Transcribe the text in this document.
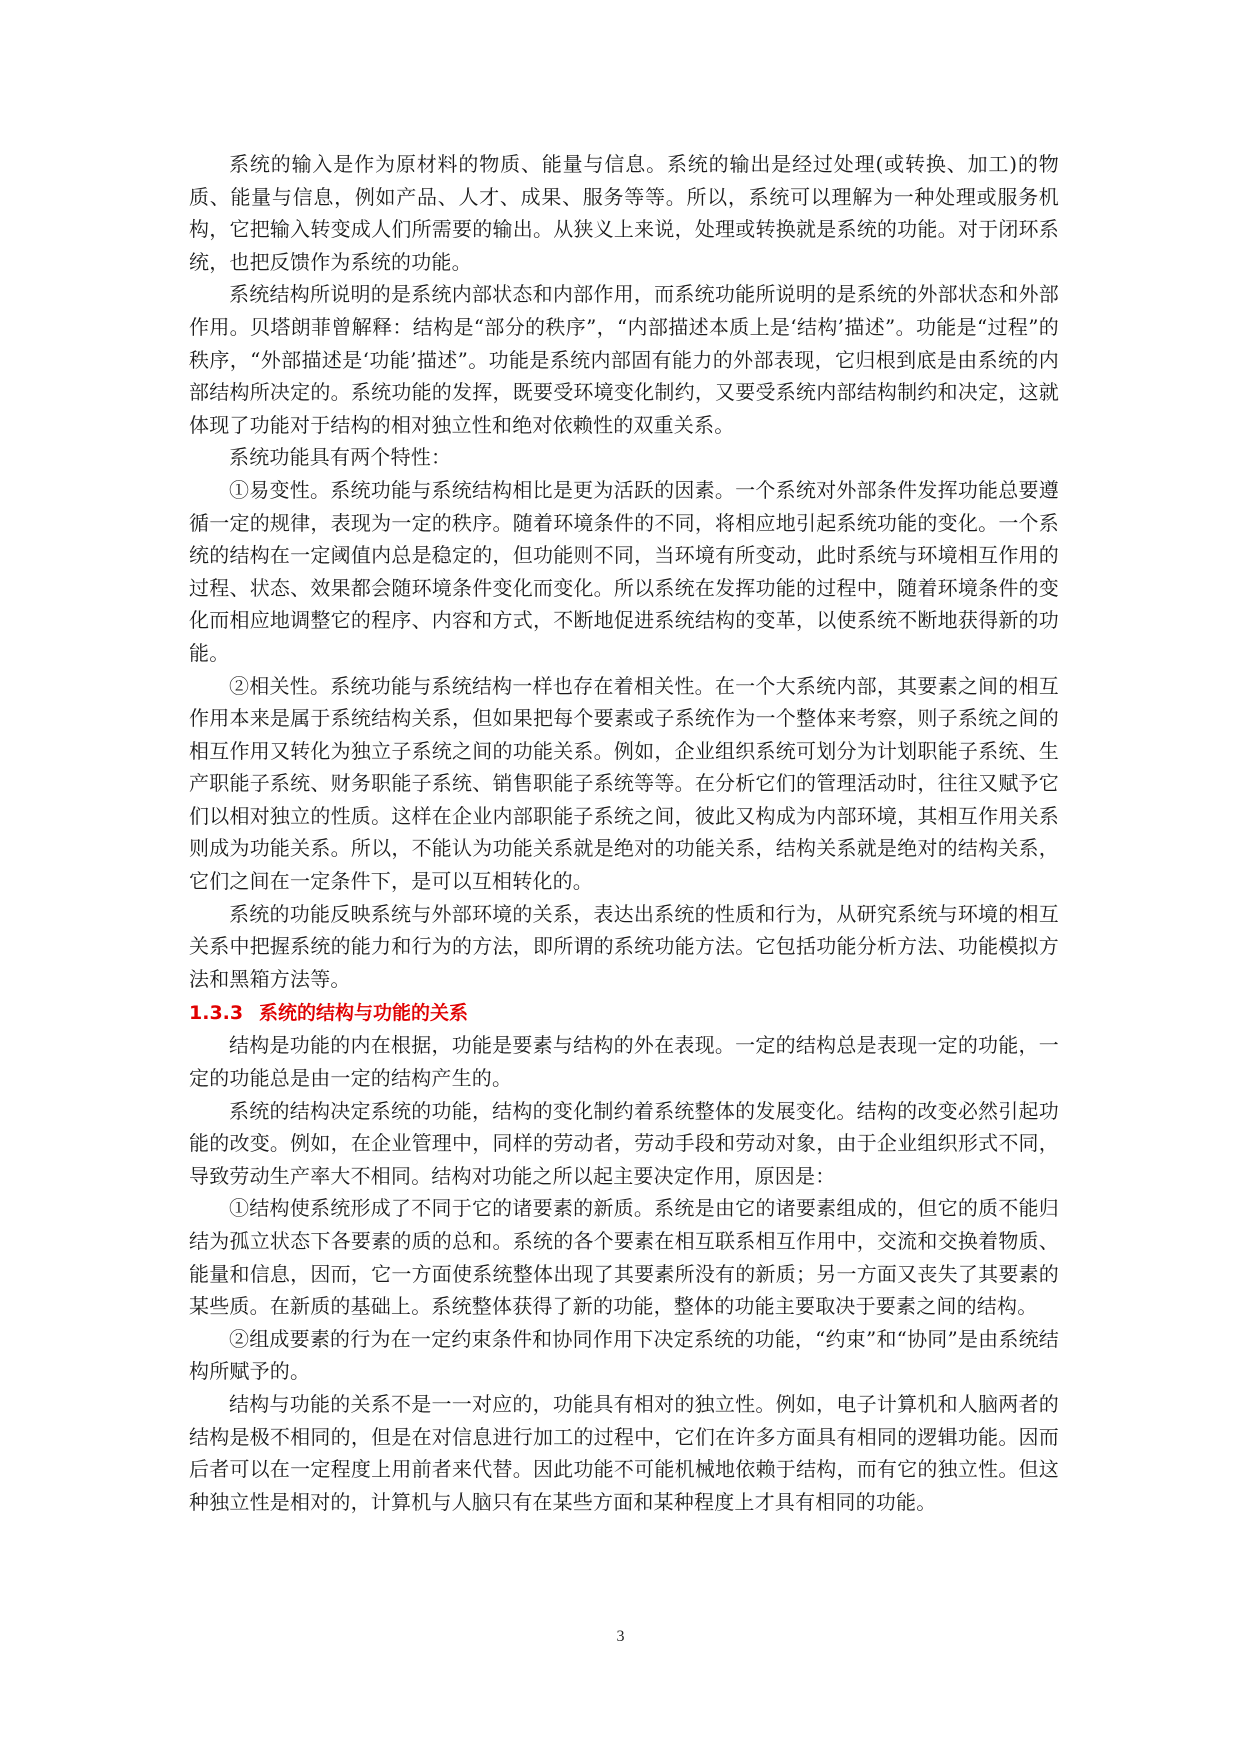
系统的输入是作为原材料的物质、能量与信息。系统的输出是经过处理(或转换、加工)的物质、能量与信息，例如产品、人才、成果、服务等等。所以，系统可以理解为一种处理或服务机构，它把输入转变成人们所需要的输出。从狭义上来说，处理或转换就是系统的功能。对于闭环系统，也把反馈作为系统的功能。

系统结构所说明的是系统内部状态和内部作用，而系统功能所说明的是系统的外部状态和外部作用。贝塔朗菲曾解释：结构是“部分的秩序”，“内部描述本质上是‘结构’描述”。功能是“过程”的秩序，“外部描述是‘功能’描述”。功能是系统内部固有能力的外部表现，它归根到底是由系统的内部结构所决定的。系统功能的发挥，既要受环境变化制约，又要受系统内部结构制约和决定，这就体现了功能对于结构的相对独立性和绝对依赖性的双重关系。

系统功能具有两个特性：

①易变性。系统功能与系统结构相比是更为活跃的因素。一个系统对外部条件发挥功能总要遵循一定的规律，表现为一定的秩序。随着环境条件的不同，将相应地引起系统功能的变化。一个系统的结构在一定阈值内总是稳定的，但功能则不同，当环境有所变动，此时系统与环境相互作用的过程、状态、效果都会随环境条件变化而变化。所以系统在发挥功能的过程中，随着环境条件的变化而相应地调整它的程序、内容和方式，不断地促进系统结构的变革，以使系统不断地获得新的功能。

②相关性。系统功能与系统结构一样也存在着相关性。在一个大系统内部，其要素之间的相互作用本来是属于系统结构关系，但如果把每个要素或子系统作为一个整体来考察，则子系统之间的相互作用又转化为独立子系统之间的功能关系。例如，企业组织系统可划分为计划职能子系统、生产职能子系统、财务职能子系统、销售职能子系统等等。在分析它们的管理活动时，往往又赋予它们以相对独立的性质。这样在企业内部职能子系统之间，彼此又构成为内部环境，其相互作用关系则成为功能关系。所以，不能认为功能关系就是绝对的功能关系，结构关系就是绝对的结构关系，它们之间在一定条件下，是可以互相转化的。

系统的功能反映系统与外部环境的关系，表达出系统的性质和行为，从研究系统与环境的相互关系中把握系统的能力和行为的方法，即所谓的系统功能方法。它包括功能分析方法、功能模拟方法和黑箱方法等。

1.3.3 系统的结构与功能的关系

结构是功能的内在根据，功能是要素与结构的外在表现。一定的结构总是表现一定的功能，一定的功能总是由一定的结构产生的。

系统的结构决定系统的功能，结构的变化制约着系统整体的发展变化。结构的改变必然引起功能的改变。例如，在企业管理中，同样的劳动者，劳动手段和劳动对象，由于企业组织形式不同，导致劳动生产率大不相同。结构对功能之所以起主要决定作用，原因是：

①结构使系统形成了不同于它的诸要素的新质。系统是由它的诸要素组成的，但它的质不能归结为孤立状态下各要素的质的总和。系统的各个要素在相互联系相互作用中，交流和交换着物质、能量和信息，因而，它一方面使系统整体出现了其要素所没有的新质；另一方面又丧失了其要素的某些质。在新质的基础上。系统整体获得了新的功能，整体的功能主要取决于要素之间的结构。

②组成要素的行为在一定约束条件和协同作用下决定系统的功能，“约束”和“协同”是由系统结构所赋予的。

结构与功能的关系不是一一对应的，功能具有相对的独立性。例如，电子计算机和人脑两者的结构是极不相同的，但是在对信息进行加工的过程中，它们在许多方面具有相同的逻辑功能。因而后者可以在一定程度上用前者来代替。因此功能不可能机械地依赖于结构，而有它的独立性。但这种独立性是相对的，计算机与人脑只有在某些方面和某种程度上才具有相同的功能。

3
